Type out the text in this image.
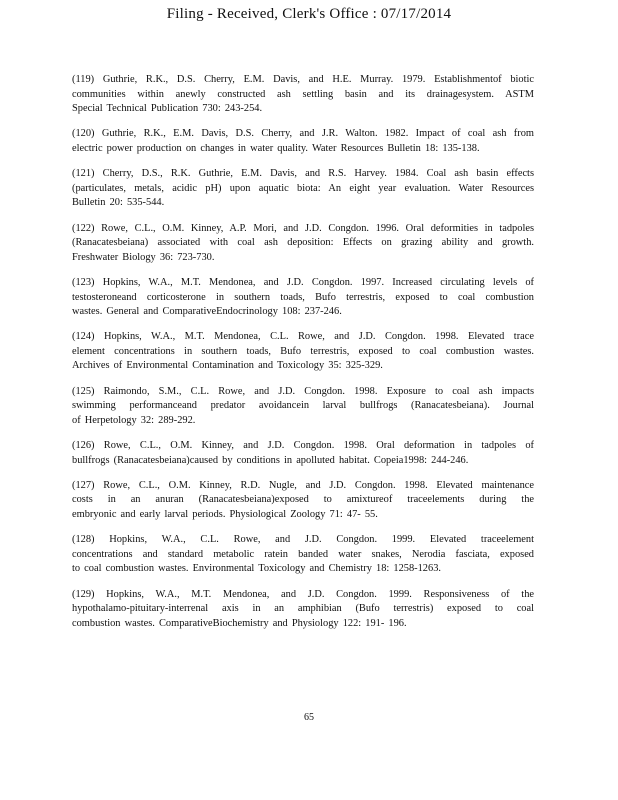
Filing - Received, Clerk's Office : 07/17/2014
(119) Guthrie, R.K., D.S. Cherry, E.M. Davis, and H.E. Murray. 1979. Establishmentof biotic
communities within anewly constructed ash settling basin and its drainagesystem. ASTM
Special Technical Publication 730: 243-254.
(120) Guthrie, R.K., E.M. Davis, D.S. Cherry, and J.R. Walton. 1982. Impact of coal ash from
electric power production on changes in water quality. Water Resources Bulletin 18: 135-138.
(121) Cherry, D.S., R.K. Guthrie, E.M. Davis, and R.S. Harvey. 1984. Coal ash basin effects
(particulates, metals, acidic pH) upon aquatic biota: An eight year evaluation. Water Resources
Bulletin 20: 535-544.
(122) Rowe, C.L., O.M. Kinney, A.P. Mori, and J.D. Congdon. 1996. Oral deformities in tadpoles
(Ranacatesbeiana) associated with coal ash deposition: Effects on grazing ability and growth.
Freshwater Biology 36: 723-730.
(123) Hopkins, W.A., M.T. Mendonea, and J.D. Congdon. 1997. Increased circulating levels of
testosteroneand corticosterone in southern toads, Bufo terrestris, exposed to coal combustion
wastes. General and ComparativeEndocrinology 108: 237-246.
(124) Hopkins, W.A., M.T. Mendonea, C.L. Rowe, and J.D. Congdon. 1998. Elevated trace
element concentrations in southern toads, Bufo terrestris, exposed to coal combustion wastes.
Archives of Environmental Contamination and Toxicology 35: 325-329.
(125) Raimondo, S.M., C.L. Rowe, and J.D. Congdon. 1998. Exposure to coal ash impacts
swimming performanceand predator avoidancein larval bullfrogs (Ranacatesbeiana). Journal
of Herpetology 32: 289-292.
(126) Rowe, C.L., O.M. Kinney, and J.D. Congdon. 1998. Oral deformation in tadpoles of
bullfrogs (Ranacatesbeiana)caused by conditions in apolluted habitat. Copeia1998: 244-246.
(127) Rowe, C.L., O.M. Kinney, R.D. Nugle, and J.D. Congdon. 1998. Elevated maintenance
costs in an anuran (Ranacatesbeiana)exposed to amixtureof traceelements during the
embryonic and early larval periods. Physiological Zoology 71: 47- 55.
(128) Hopkins, W.A., C.L. Rowe, and J.D. Congdon. 1999. Elevated traceelement
concentrations and standard metabolic ratein banded water snakes, Nerodia fasciata, exposed
to coal combustion wastes. Environmental Toxicology and Chemistry 18: 1258-1263.
(129) Hopkins, W.A., M.T. Mendonea, and J.D. Congdon. 1999. Responsiveness of the
hypothalamo-pituitary-interrenal axis in an amphibian (Bufo terrestris) exposed to coal
combustion wastes. ComparativeBiochemistry and Physiology 122: 191- 196.
65
